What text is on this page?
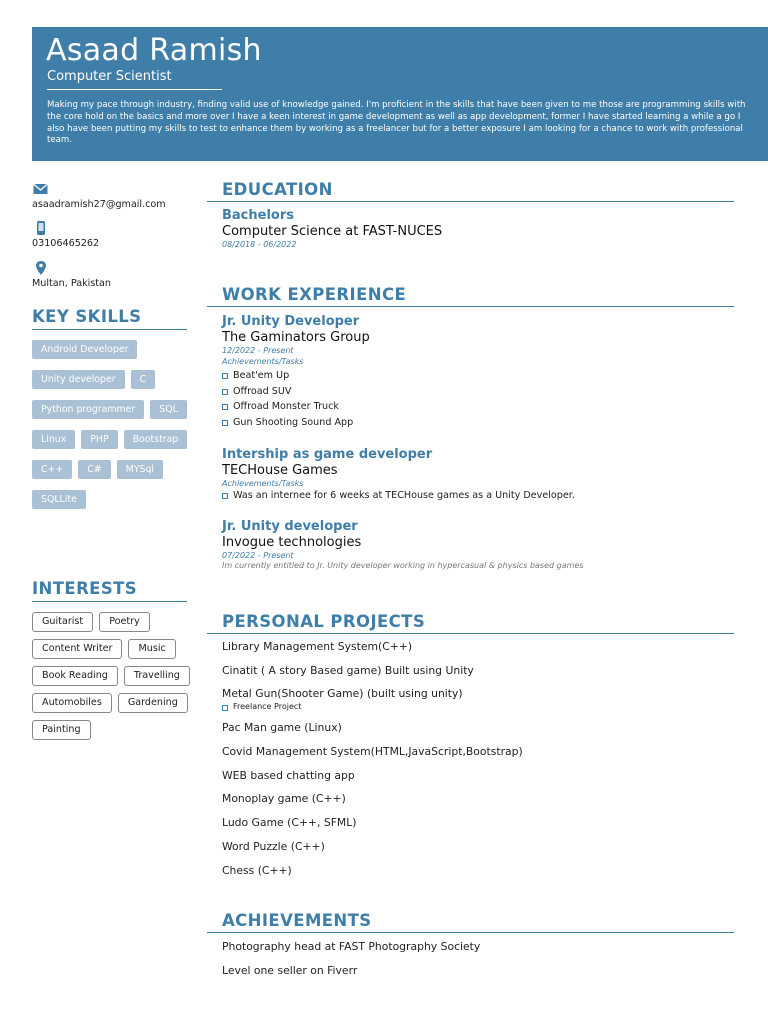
Asaad Ramish
Computer Scientist
Making my pace through industry, finding valid use of knowledge gained. I'm proficient in the skills that have been given to me those are programming skills with the core hold on the basics and more over I have a keen interest in game development as well as app development, former I have started learning a while a go I also have been putting my skills to test to enhance them by working as a freelancer but for a better exposure I am looking for a chance to work with professional team.
asaadramish27@gmail.com
03106465262
Multan, Pakistan
KEY SKILLS
Android Developer
Unity developer	C
Python programmer	SQL
Linux	PHP	Bootstrap
C++	C#	MYSql
SQLLite
INTERESTS
Guitarist	Poetry
Content Writer	Music
Book Reading	Travelling
Automobiles	Gardening
Painting
EDUCATION
Bachelors
Computer Science at FAST-NUCES
08/2018 - 06/2022
WORK EXPERIENCE
Jr. Unity Developer
The Gaminators Group
12/2022 - Present
Achievements/Tasks
Beat'em Up
Offroad SUV
Offroad Monster Truck
Gun Shooting Sound App
Intership as game developer
TECHouse Games
Achievements/Tasks
Was an internee for 6 weeks at TECHouse games as a Unity Developer.
Jr. Unity developer
Invogue technologies
07/2022 - Present
Im currently entitled to Jr. Unity developer working in hypercasual & physics based games
PERSONAL PROJECTS
Library Management System(C++)
Cinatit ( A story Based game) Built using Unity
Metal Gun(Shooter Game) (built using unity)
Freelance Project
Pac Man game (Linux)
Covid Management System(HTML,JavaScript,Bootstrap)
WEB based chatting app
Monoplay game (C++)
Ludo Game (C++, SFML)
Word Puzzle (C++)
Chess (C++)
ACHIEVEMENTS
Photography head at FAST Photography Society
Level one seller on Fiverr
